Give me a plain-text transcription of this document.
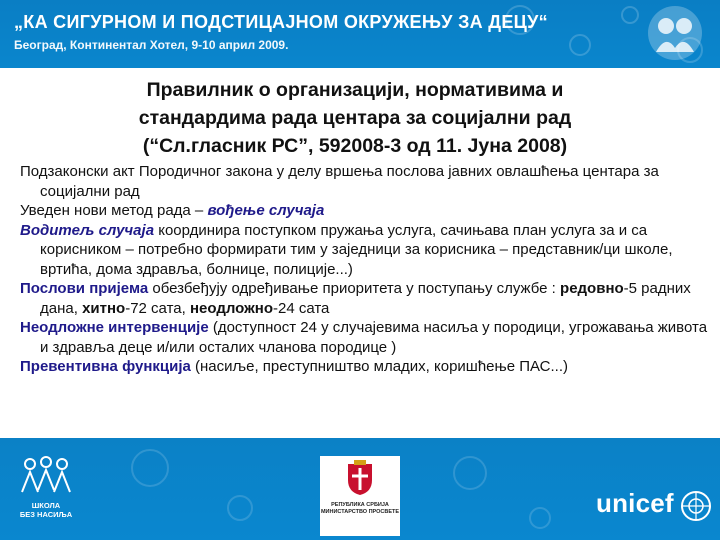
„КА СИГУРНОМ И ПОДСТИЦАЈНОМ ОКРУЖЕЊУ ЗА ДЕЦУ“
Београд, Континентал Хотел, 9-10 април 2009.
Правилник о организацији, нормативима и
стандардима рада центара за социјални рад
(“Сл.гласник РС”, 592008-3 од 11. Јуна 2008)

Подзаконски акт Породичног закона у делу вршења послова јавних овлашћења центара за социјални рад

Уведен нови метод рада – вођење случаја

Водитељ случаја координира поступком пружања услуга, сачињава план услуга за и са корисником – потребно формирати тим у заједници за корисника – представник/ци школе, вртића, дома здравља, болнице, полиције...)

Послови пријема обезбеђују одређивање приоритета у поступању службе : редовно-5 радних дана, хитно-72 сата, неодложно-24 сата

Неодложне интервенције (доступност 24 у случајевима насиља у породици, угрожавања живота и здравља деце и/или осталих чланова породице )

Превентивна функција (насиље, преступништво младих, коришћење ПАС...)

ШКОЛА
БЕЗ НАСИЉА
РЕПУБЛИКА СРБИЈА
МИНИСТАРСТВО ПРОСВЕТЕ	unicef
